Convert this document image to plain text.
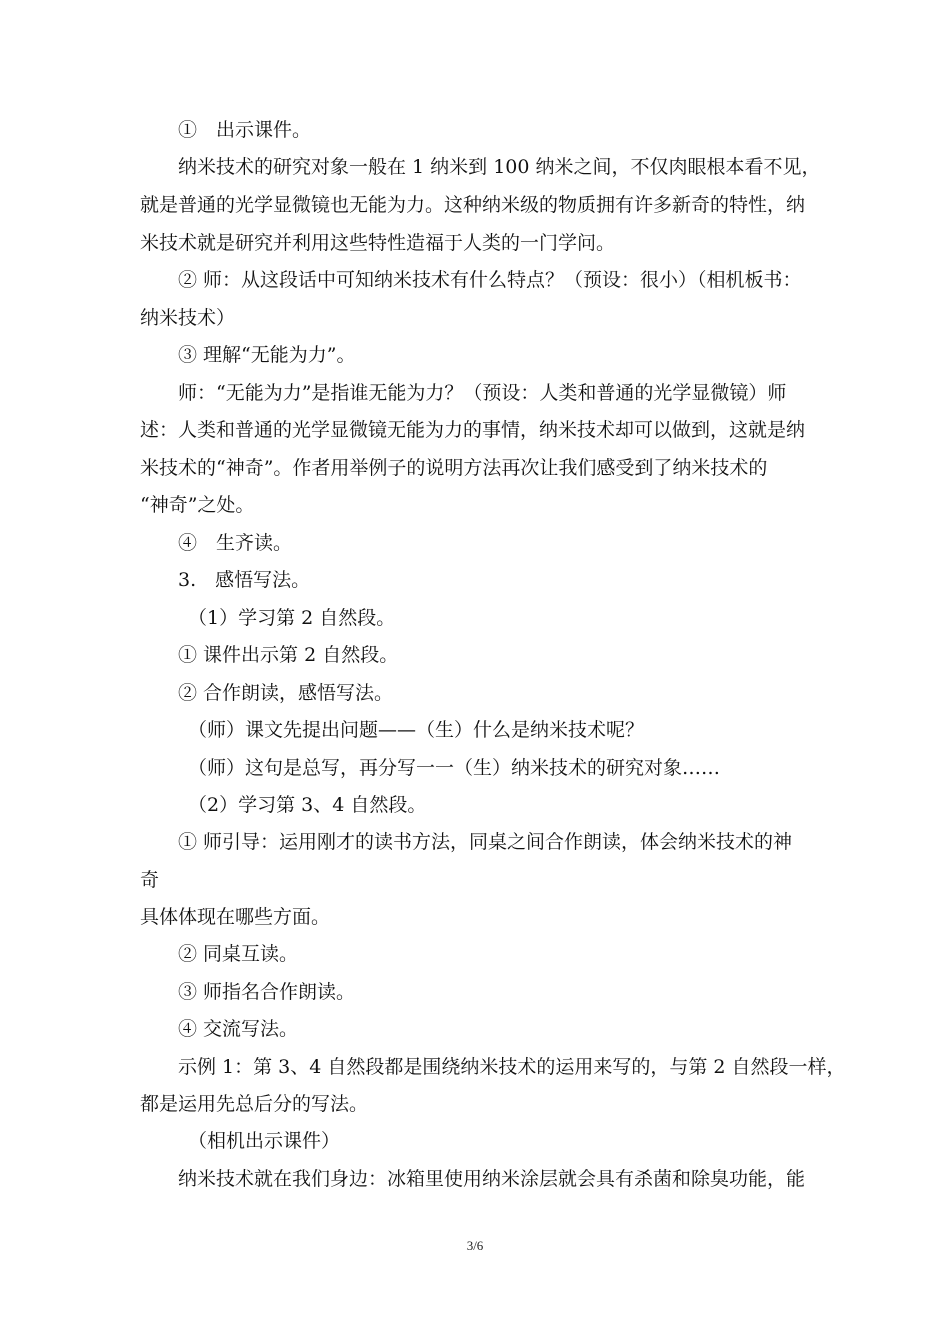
①　出示课件。
纳米技术的研究对象一般在 1 纳米到 100 纳米之间，不仅肉眼根本看不见，
就是普通的光学显微镜也无能为力。这种纳米级的物质拥有许多新奇的特性，纳
米技术就是研究并利用这些特性造福于人类的一门学问。
② 师：从这段话中可知纳米技术有什么特点？（预设：很小）（相机板书：
纳米技术）
③ 理解“无能为力”。
师：“无能为力”是指谁无能为力？（预设：人类和普通的光学显微镜）师
述：人类和普通的光学显微镜无能为力的事情，纳米技术却可以做到，这就是纳
米技术的“神奇”。作者用举例子的说明方法再次让我们感受到了纳米技术的
“神奇”之处。
④　生齐读。
3.　感悟写法。
（1）学习第 2 自然段。
① 课件出示第 2 自然段。
② 合作朗读，感悟写法。
（师）课文先提出问题——（生）什么是纳米技术呢？
（师）这句是总写，再分写一一（生）纳米技术的研究对象……
（2）学习第 3、4 自然段。
① 师引导：运用刚才的读书方法，同桌之间合作朗读，体会纳米技术的神
奇
具体体现在哪些方面。
② 同桌互读。
③ 师指名合作朗读。
④ 交流写法。
示例 1：第 3、4 自然段都是围绕纳米技术的运用来写的，与第 2 自然段一样，
都是运用先总后分的写法。
（相机出示课件）
纳米技术就在我们身边：冰箱里使用纳米涂层就会具有杀菌和除臭功能，能
3/6
